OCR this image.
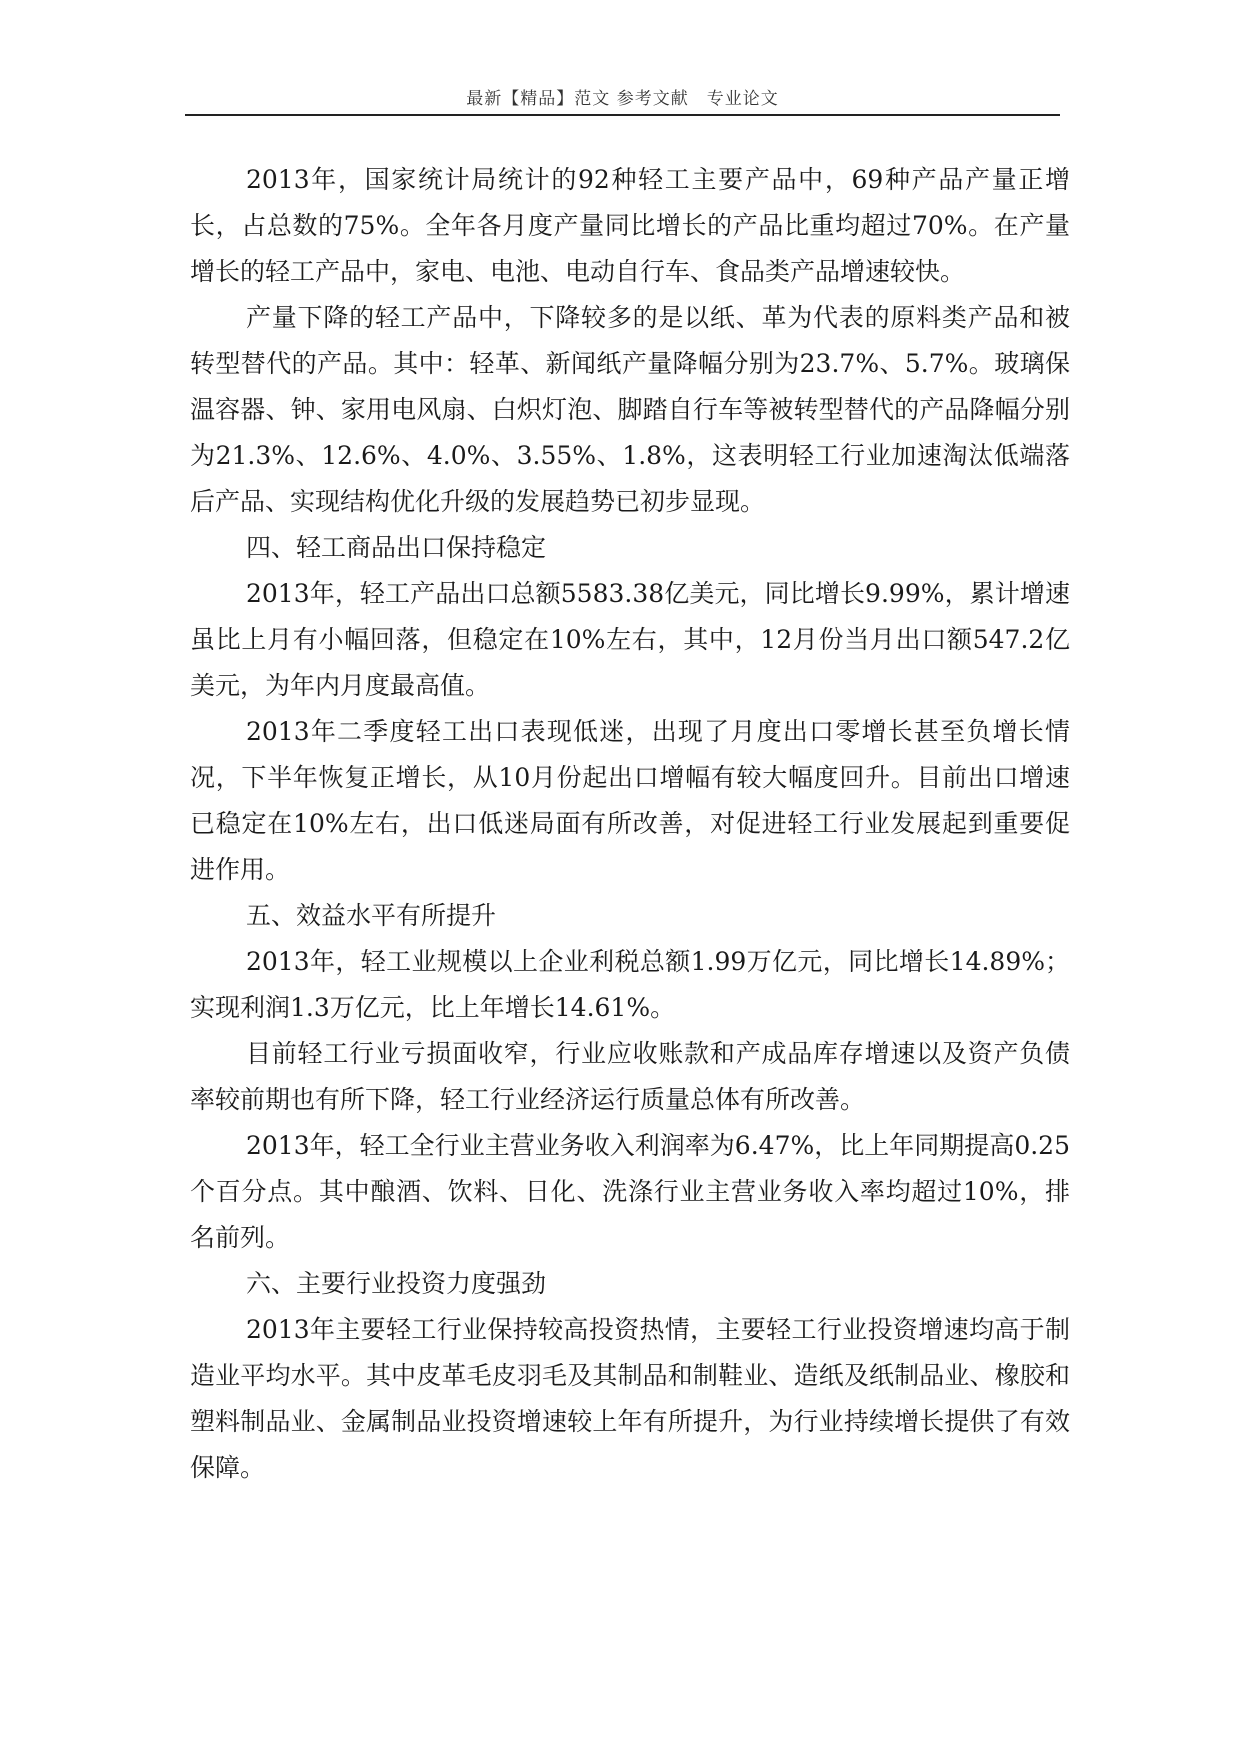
最新【精品】范文 参考文献　专业论文

2013年，国家统计局统计的92种轻工主要产品中，69种产品产量正增长，占总数的75%。全年各月度产量同比增长的产品比重均超过70%。在产量增长的轻工产品中，家电、电池、电动自行车、食品类产品增速较快。

产量下降的轻工产品中，下降较多的是以纸、革为代表的原料类产品和被转型替代的产品。其中：轻革、新闻纸产量降幅分别为23.7%、5.7%。玻璃保温容器、钟、家用电风扇、白炽灯泡、脚踏自行车等被转型替代的产品降幅分别为21.3%、12.6%、4.0%、3.55%、1.8%，这表明轻工行业加速淘汰低端落后产品、实现结构优化升级的发展趋势已初步显现。

四、轻工商品出口保持稳定

2013年，轻工产品出口总额5583.38亿美元，同比增长9.99%，累计增速虽比上月有小幅回落，但稳定在10%左右，其中，12月份当月出口额547.2亿美元，为年内月度最高值。

2013年二季度轻工出口表现低迷，出现了月度出口零增长甚至负增长情况，下半年恢复正增长，从10月份起出口增幅有较大幅度回升。目前出口增速已稳定在10%左右，出口低迷局面有所改善，对促进轻工行业发展起到重要促进作用。

五、效益水平有所提升

2013年，轻工业规模以上企业利税总额1.99万亿元，同比增长14.89%；实现利润1.3万亿元，比上年增长14.61%。

目前轻工行业亏损面收窄，行业应收账款和产成品库存增速以及资产负债率较前期也有所下降，轻工行业经济运行质量总体有所改善。

2013年，轻工全行业主营业务收入利润率为6.47%，比上年同期提高0.25个百分点。其中酿酒、饮料、日化、洗涤行业主营业务收入率均超过10%，排名前列。

六、主要行业投资力度强劲

2013年主要轻工行业保持较高投资热情，主要轻工行业投资增速均高于制造业平均水平。其中皮革毛皮羽毛及其制品和制鞋业、造纸及纸制品业、橡胶和塑料制品业、金属制品业投资增速较上年有所提升，为行业持续增长提供了有效保障。
